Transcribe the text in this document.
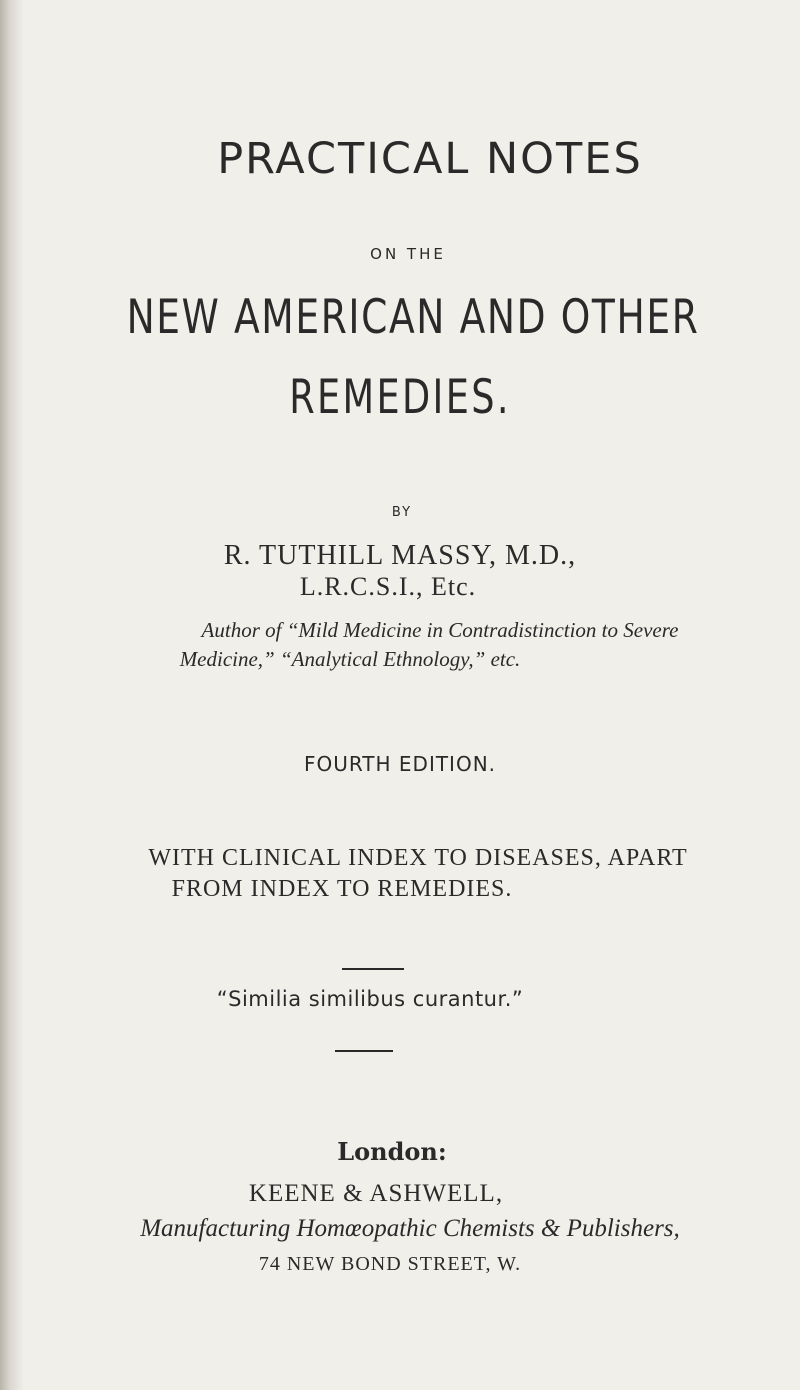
PRACTICAL NOTES
ON THE
NEW AMERICAN AND OTHER
REMEDIES.
BY
R. TUTHILL MASSY, M.D.,
L.R.C.S.I., Etc.
Author of “Mild Medicine in Contradistinction to Severe
Medicine,” “Analytical Ethnology,” etc.
FOURTH EDITION.
WITH CLINICAL INDEX TO DISEASES, APART
FROM INDEX TO REMEDIES.
“Similia similibus curantur.”
London:
KEENE & ASHWELL,
Manufacturing Homœopathic Chemists & Publishers,
74 NEW BOND STREET, W.
